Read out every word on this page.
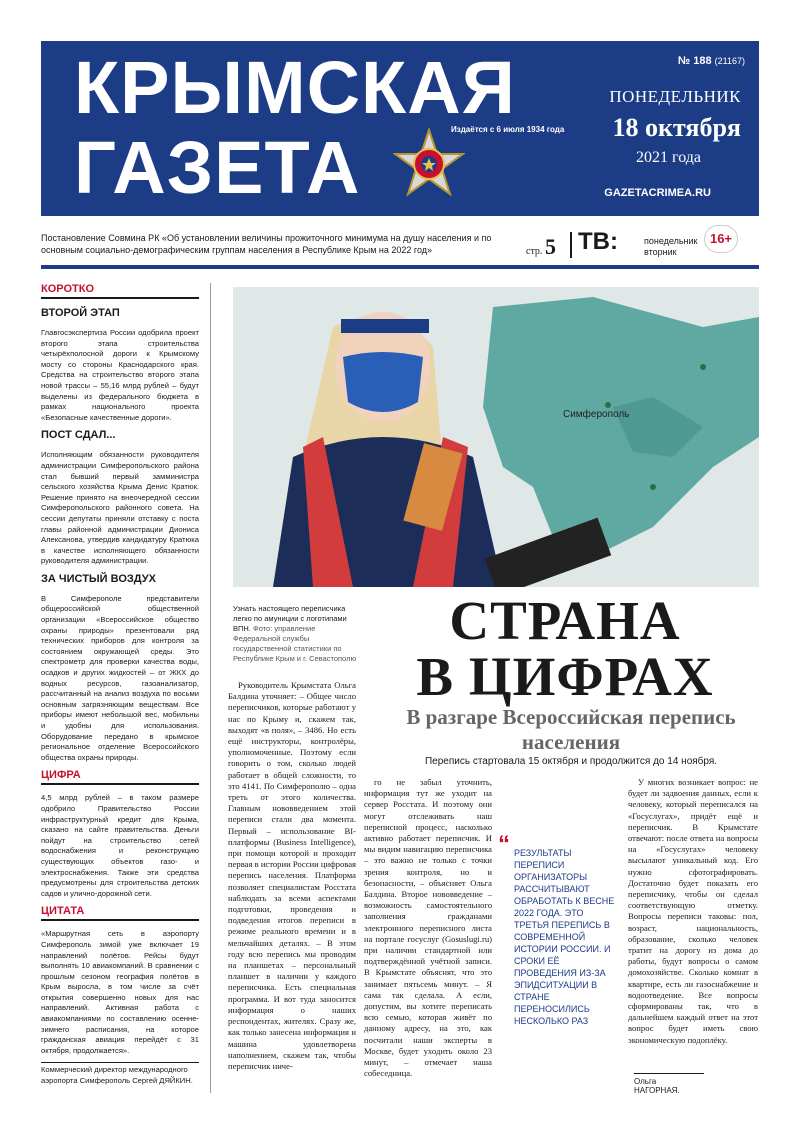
КРЫМСКАЯ
ГАЗЕТА	Издаётся с 6 июля 1934 года
№ 188 (21167)
ПОНЕДЕЛЬНИК
18 октября
2021 года
GAZETACRIMEA.RU
Постановление Совмина РК «Об установлении величины прожиточного минимума на душу населения и по основным социально-демографическим группам населения в Республике Крым на 2022 год»	стр. 5 ТВ:	понедельник
вторник
16+
КОРОТКО
ВТОРОЙ ЭТАП
Главгосэкспертиза России одобрила проект второго этапа строительства четырёхполосной дороги к Крымскому мосту со стороны Краснодарского края. Средства на строительство второго этапа новой трассы – 55,16 млрд рублей – будут выделены из федерального бюджета в рамках национального проекта «Безопасные качественные дороги».
ПОСТ СДАЛ...
Исполняющим обязанности руководителя администрации Симферопольского района стал бывший первый замминистра сельского хозяйства Крыма Денис Кратюк. Решение принято на внеочередной сессии Симферопольского районного совета. На сессии депутаты приняли отставку с поста главы районной администрации Диониса Алексанова, утвердив кандидатуру Кратюка в качестве исполняющего обязанности руководителя администрации.
ЗА ЧИСТЫЙ ВОЗДУХ
В Симферополе представители общероссийской общественной организации «Всероссийское общество охраны природы» презентовали ряд технических приборов для контроля за состоянием окружающей среды. Это спектрометр для проверки качества воды, осадков и других жидкостей – от ЖКХ до водных ресурсов, газоанализатор, рассчитанный на анализ воздуха по восьми основным загрязняющим веществам. Все приборы имеют небольшой вес, мобильны и удобны для использования. Оборудование передано в крымское региональное отделение Всероссийского общества охраны природы.
ЦИФРА
4,5 млрд рублей – в таком размере одобрило Правительство России инфраструктурный кредит для Крыма, сказано на сайте правительства. Деньги пойдут на строительство сетей водоснабжения и реконструкцию существующих объектов газо- и электроснабжения. Также эти средства предусмотрены для строительства детских садов и улично-дорожной сети.
ЦИТАТА
«Маршрутная сеть в аэропорту Симферополь зимой уже включает 19 направлений полётов. Рейсы будут выполнять 10 авиакомпаний. В сравнении с прошлым сезоном география полётов в Крым выросла, в том числе за счёт открытия совершенно новых для нас направлений. Активная работа с авиакомпаниями по составлению осенне-зимнего расписания, на которое гражданская авиация перейдёт с 31 октября, продолжается».
Коммерческий директор международного аэропорта Симферополь Сергей ДЯЙКИН.
Симферополь
Узнать настоящего переписчика легко по амуниции с логотипами ВПН. Фото: управление Федеральной службы государственной статистики по Республике Крым и г. Севастополю
СТРАНА
В ЦИФРАХ
В разгаре Всероссийская перепись населения
Перепись стартовала 15 октября и продолжится до 14 ноября.

Руководитель Крымстата Ольга Балдина уточняет: – Общее число переписчиков, которые работают у нас по Крыму и, скажем так, выходят «в поля», – 3486. Но есть ещё инструкторы, контролёры, уполномоченные. Поэтому если говорить о том, сколько людей работает в общей сложности, то это 4141. По Симферополю – одна треть от этого количества. Главным нововведением этой переписи стали два момента. Первый – использование BI-платформы (Business Intelligence), при помощи которой и проходит первая в истории России цифровая перепись населения. Платформа позволяет специалистам Росстата наблюдать за всеми аспектами подготовки, проведения и подведения итогов переписи в режиме реального времени и в мельчайших деталях. – В этом году всю перепись мы проводим на планшетах – персональный планшет в наличии у каждого переписчика. Есть специальная программа. И вот туда заносится информация о наших респондентах, жителях. Сразу же, как только занесена информация и машина удовлетворена наполнением, скажем так, чтобы переписчик ниче-

го не забыл уточнить, информация тут же уходит на сервер Росстата. И поэтому они могут отслеживать наш переписной процесс, насколько активно работает переписчик. И мы видим навигацию переписчика – это важно не только с точки зрения контроля, но и безопасности, – объясняет Ольга Балдина. Второе нововведение – возможность самостоятельного заполнения гражданами электронного переписного листа на портале госуслуг (Gosuslugi.ru) при наличии стандартной или подтверждённой учётной записи. В Крымстате объяснят, что это занимает пятьсемь минут. – Я сама так сделала. А если, допустим, вы хотите переписать всю семью, которая живёт по данному адресу, на это, как посчитали наши эксперты в Москве, будет уходить около 23 минут, – отмечает наша собеседница.

“ РЕЗУЛЬТАТЫ ПЕРЕПИСИ ОРГАНИЗАТОРЫ РАССЧИТЫВАЮТ ОБРАБОТАТЬ К ВЕСНЕ 2022 ГОДА. ЭТО ТРЕТЬЯ ПЕРЕПИСЬ В СОВРЕМЕННОЙ ИСТОРИИ РОССИИ. И СРОКИ ЕЁ ПРОВЕДЕНИЯ ИЗ-ЗА ЭПИДСИТУАЦИИ В СТРАНЕ ПЕРЕНОСИЛИСЬ НЕСКОЛЬКО РАЗ

У многих возникает вопрос: не будет ли задвоения данных, если к человеку, который переписался на «Госуслугах», придёт ещё и переписчик. В Крымстате отвечают: после ответа на вопросы на «Госуслугах» человеку высылают уникальный код. Его нужно сфотографировать. Достаточно будет показать его переписчику, чтобы он сделал соответствующую отметку. Вопросы переписи таковы: пол, возраст, национальность, образование, сколько человек тратит на дорогу из дома до работы, будут вопросы о самом домохозяйстве. Сколько комнат в квартире, есть ли газоснабжение и водоотведение. Все вопросы сформированы так, что в дальнейшем каждый ответ на этот вопрос будет иметь свою экономическую подоплёку.

Ольга НАГОРНАЯ.
